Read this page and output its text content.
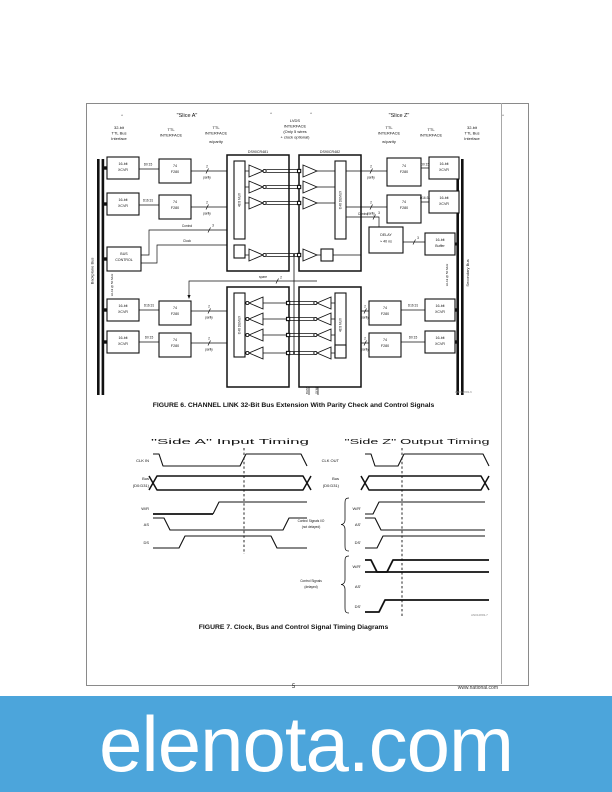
*	*	*	*
"Slice A"	"Slice Z"
32-bit
TTL Bus
Interface
TTL
INTERFACE
TTL
INTERFACE
w/parity
LVDS
INTERFACE
(Only 5 wires
+ clock optional)
TTL
INTERFACE
w/parity
TTL
INTERFACE
32-bit
TTL Bus
Interface
Backplane Bus
32-bit @ 50 MHz	Secondary Bus
32-bit @ 50 MHz
16-bit
XCVR
16-bit
XCVR
BUS
CONTROL
16-bit
XCVR
16-bit
XCVR
74
F280
74
F280
74
F280
74
F280
DS90CR481
48:8 MUX
DS90CR482
8:48 DEMUX
8:48 DEMUX	48:8 MUX
74
F280
74
F280
74
F280
74
F280
16-bit
XCVR
16-bit
XCVR
DELAY
≈ 40 ns	16-bit
Buffer
16-bit
XCVR
16-bit
XCVR
D0:15
D16:31
2
parity
2
parity
Control	3
Clock
2
parity
2
parity
Control	3
3
D0:15
D16:31
2
parity
2
parity
D16:31
D0:15
spare	2
D16:31
D0:15
2
parity
2
parity
BUSY SYNC	AN012893-6
FIGURE 6. CHANNEL LINK 32-Bit Bus Extension With Parity Check and Control Signals
"Side A" Input Timing	"Side Z" Output Timing
CLK IN
Bus
(D0:D31)
W/R
AS
DS
CLK OUT
Bus
(D0:D31)
W/R'
AS'
DS'
W/R'
AS'
DS'
Control Signals I/O
(not delayed)
Control Signals
(delayed)
AN012893-7
FIGURE 7. Clock, Bus and Control Signal Timing Diagrams
5	www.national.com
elenota.com
